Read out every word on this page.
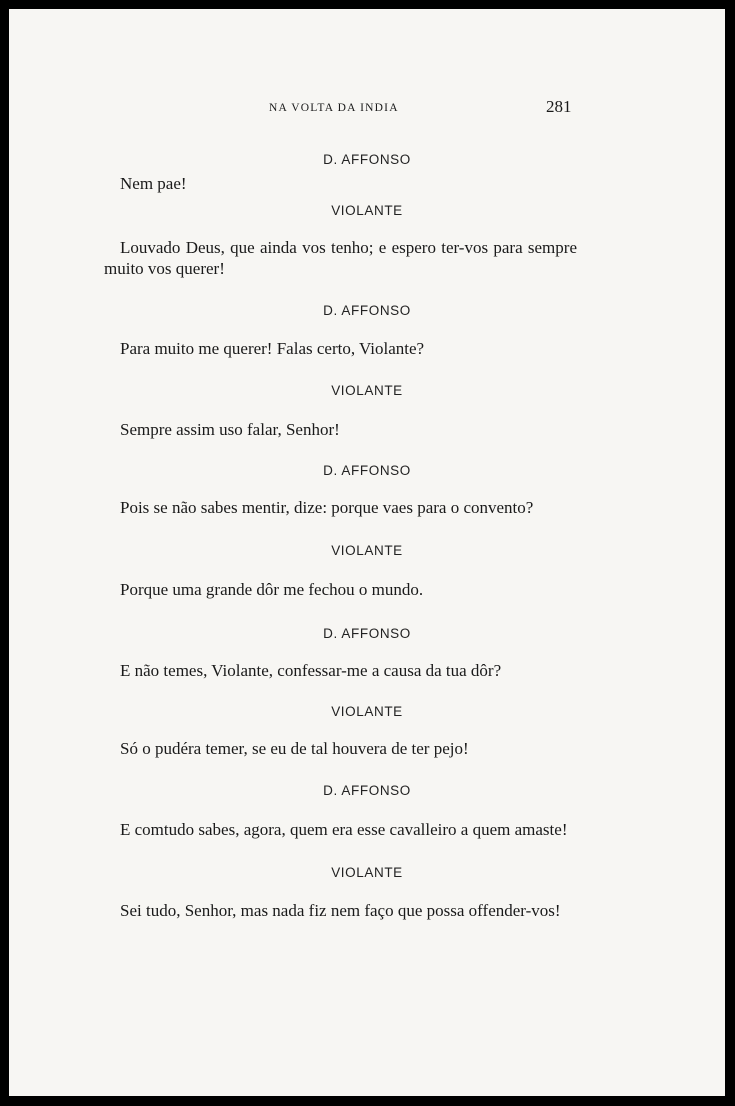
NA VOLTA DA INDIA	281
D. AFFONSO

Nem pae!

VIOLANTE

Louvado Deus, que ainda vos tenho; e espero ter-vos para sempre muito vos querer!

D. AFFONSO

Para muito me querer! Falas certo, Violante?

VIOLANTE

Sempre assim uso falar, Senhor!

D. AFFONSO

Pois se não sabes mentir, dize: porque vaes para o convento?

VIOLANTE

Porque uma grande dôr me fechou o mundo.

D. AFFONSO

E não temes, Violante, confessar-me a causa da tua dôr?

VIOLANTE

Só o pudéra temer, se eu de tal houvera de ter pejo!

D. AFFONSO

E comtudo sabes, agora, quem era esse cavalleiro a quem amaste!

VIOLANTE

Sei tudo, Senhor, mas nada fiz nem faço que possa offender-vos!
